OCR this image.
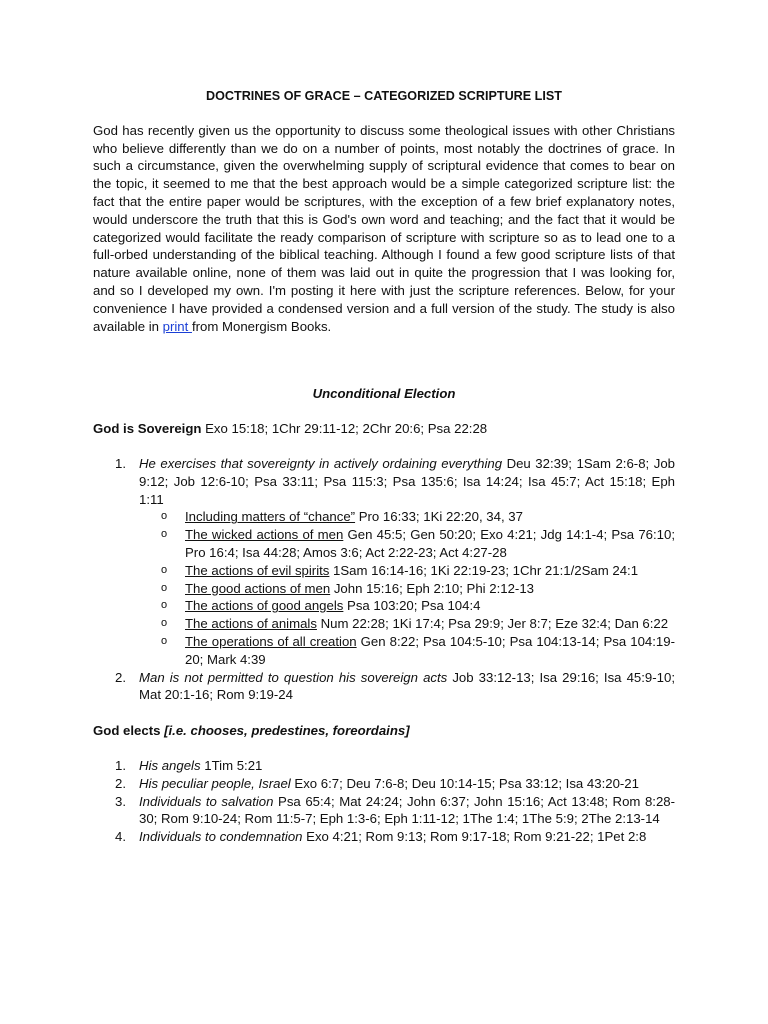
DOCTRINES OF GRACE – CATEGORIZED SCRIPTURE LIST

God has recently given us the opportunity to discuss some theological issues with other Christians who believe differently than we do on a number of points, most notably the doctrines of grace. In such a circumstance, given the overwhelming supply of scriptural evidence that comes to bear on the topic, it seemed to me that the best approach would be a simple categorized scripture list: the fact that the entire paper would be scriptures, with the exception of a few brief explanatory notes, would underscore the truth that this is God's own word and teaching; and the fact that it would be categorized would facilitate the ready comparison of scripture with scripture so as to lead one to a full-orbed understanding of the biblical teaching. Although I found a few good scripture lists of that nature available online, none of them was laid out in quite the progression that I was looking for, and so I developed my own. I'm posting it here with just the scripture references. Below, for your convenience I have provided a condensed version and a full version of the study. The study is also available in print from Monergism Books.

Unconditional Election

God is Sovereign Exo 15:18; 1Chr 29:11-12; 2Chr 20:6; Psa 22:28

1. He exercises that sovereignty in actively ordaining everything Deu 32:39; 1Sam 2:6-8; Job 9:12; Job 12:6-10; Psa 33:11; Psa 115:3; Psa 135:6; Isa 14:24; Isa 45:7; Act 15:18; Eph 1:11
o Including matters of “chance” Pro 16:33; 1Ki 22:20, 34, 37
o The wicked actions of men Gen 45:5; Gen 50:20; Exo 4:21; Jdg 14:1-4; Psa 76:10; Pro 16:4; Isa 44:28; Amos 3:6; Act 2:22-23; Act 4:27-28
o The actions of evil spirits 1Sam 16:14-16; 1Ki 22:19-23; 1Chr 21:1/2Sam 24:1
o The good actions of men John 15:16; Eph 2:10; Phi 2:12-13
o The actions of good angels Psa 103:20; Psa 104:4
o The actions of animals Num 22:28; 1Ki 17:4; Psa 29:9; Jer 8:7; Eze 32:4; Dan 6:22
o The operations of all creation Gen 8:22; Psa 104:5-10; Psa 104:13-14; Psa 104:19-20; Mark 4:39
2. Man is not permitted to question his sovereign acts Job 33:12-13; Isa 29:16; Isa 45:9-10; Mat 20:1-16; Rom 9:19-24

God elects [i.e. chooses, predestines, foreordains]

1. His angels 1Tim 5:21
2. His peculiar people, Israel Exo 6:7; Deu 7:6-8; Deu 10:14-15; Psa 33:12; Isa 43:20-21
3. Individuals to salvation Psa 65:4; Mat 24:24; John 6:37; John 15:16; Act 13:48; Rom 8:28-30; Rom 9:10-24; Rom 11:5-7; Eph 1:3-6; Eph 1:11-12; 1The 1:4; 1The 5:9; 2The 2:13-14
4. Individuals to condemnation Exo 4:21; Rom 9:13; Rom 9:17-18; Rom 9:21-22; 1Pet 2:8
